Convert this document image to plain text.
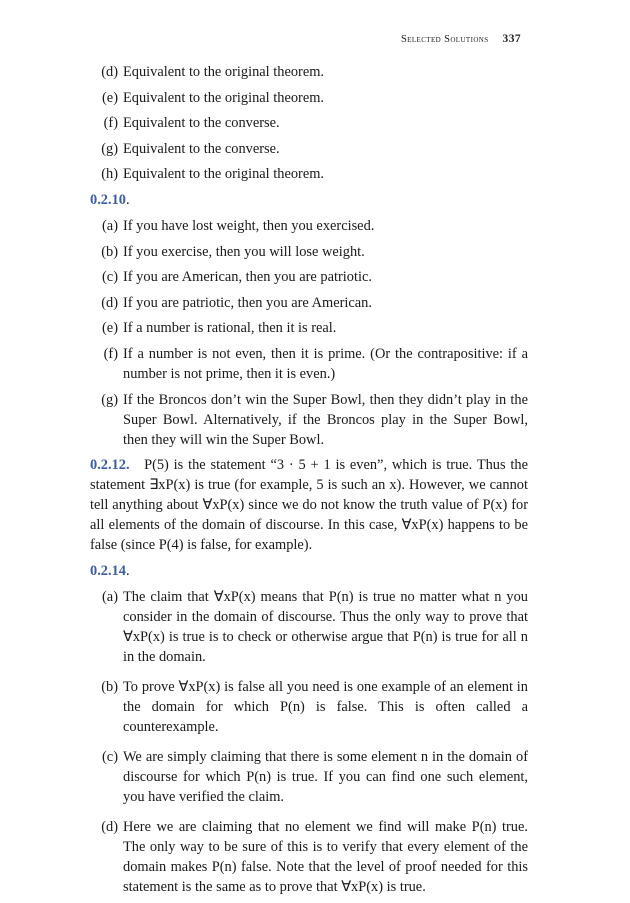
Selected Solutions 337
(d) Equivalent to the original theorem.
(e) Equivalent to the original theorem.
(f) Equivalent to the converse.
(g) Equivalent to the converse.
(h) Equivalent to the original theorem.
0.2.10.
(a) If you have lost weight, then you exercised.
(b) If you exercise, then you will lose weight.
(c) If you are American, then you are patriotic.
(d) If you are patriotic, then you are American.
(e) If a number is rational, then it is real.
(f) If a number is not even, then it is prime. (Or the contrapositive: if a number is not prime, then it is even.)
(g) If the Broncos don’t win the Super Bowl, then they didn’t play in the Super Bowl. Alternatively, if the Broncos play in the Super Bowl, then they will win the Super Bowl.

0.2.12. P(5) is the statement “3 · 5 + 1 is even”, which is true. Thus the statement ∃xP(x) is true (for example, 5 is such an x). However, we cannot tell anything about ∀xP(x) since we do not know the truth value of P(x) for all elements of the domain of discourse. In this case, ∀xP(x) happens to be false (since P(4) is false, for example).

0.2.14.
(a) The claim that ∀xP(x) means that P(n) is true no matter what n you consider in the domain of discourse. Thus the only way to prove that ∀xP(x) is true is to check or otherwise argue that P(n) is true for all n in the domain.
(b) To prove ∀xP(x) is false all you need is one example of an element in the domain for which P(n) is false. This is often called a counterexample.
(c) We are simply claiming that there is some element n in the domain of discourse for which P(n) is true. If you can find one such element, you have verified the claim.
(d) Here we are claiming that no element we find will make P(n) true. The only way to be sure of this is to verify that every element of the domain makes P(n) false. Note that the level of proof needed for this statement is the same as to prove that ∀xP(x) is true.
